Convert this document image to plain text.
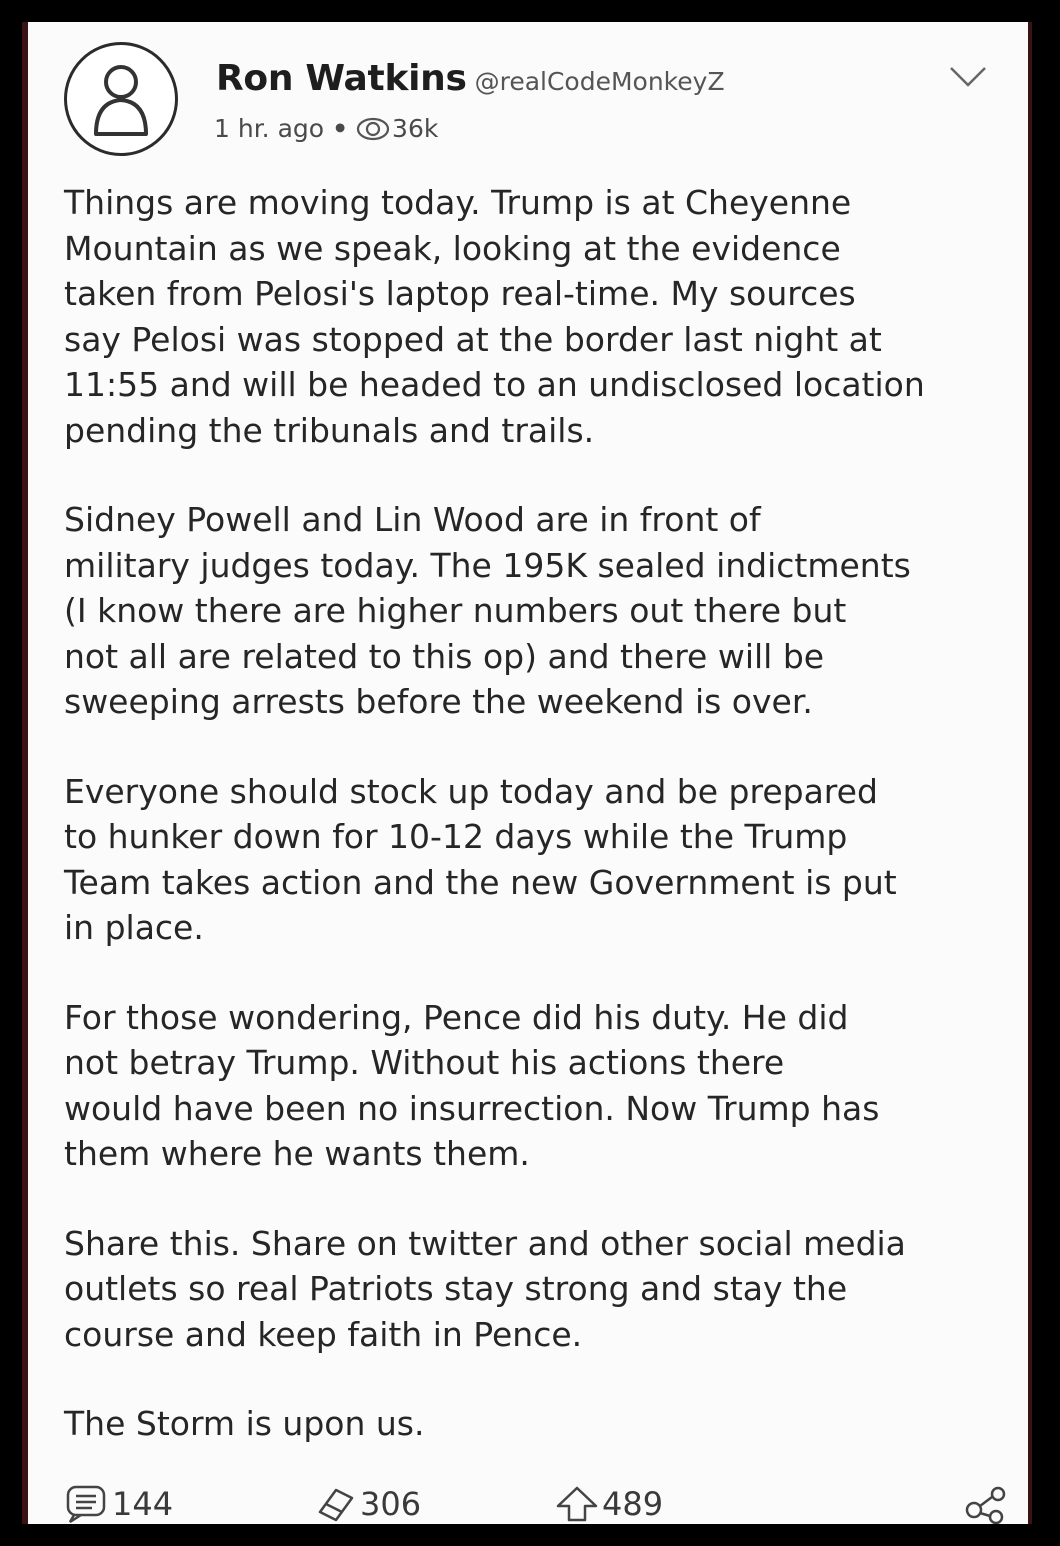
Ron Watkins @realCodeMonkeyZ
1 hr. ago • 36k

Things are moving today. Trump is at Cheyenne
Mountain as we speak, looking at the evidence
taken from Pelosi's laptop real-time. My sources
say Pelosi was stopped at the border last night at
11:55 and will be headed to an undisclosed location
pending the tribunals and trails.

Sidney Powell and Lin Wood are in front of
military judges today. The 195K sealed indictments
(I know there are higher numbers out there but
not all are related to this op) and there will be
sweeping arrests before the weekend is over.

Everyone should stock up today and be prepared
to hunker down for 10-12 days while the Trump
Team takes action and the new Government is put
in place.

For those wondering, Pence did his duty. He did
not betray Trump. Without his actions there
would have been no insurrection. Now Trump has
them where he wants them.

Share this. Share on twitter and other social media
outlets so real Patriots stay strong and stay the
course and keep faith in Pence.

The Storm is upon us.

144	306	489
